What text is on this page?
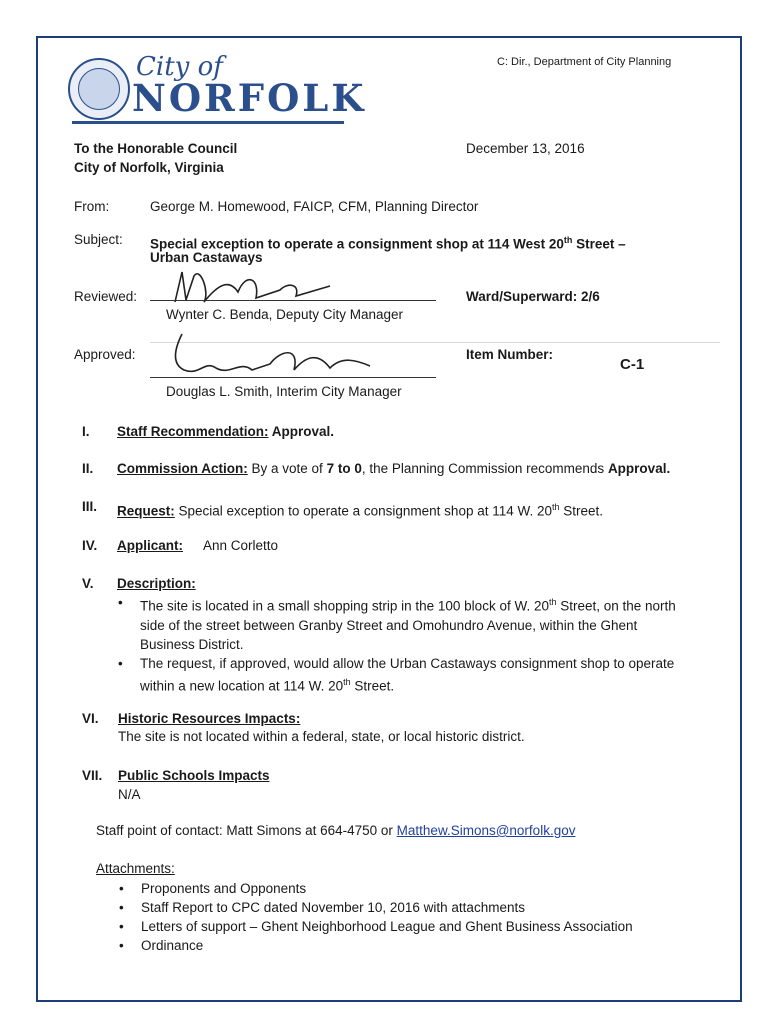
City of
NORFOLK
C: Dir., Department of City Planning
To the Honorable Council
City of Norfolk, Virginia
December 13, 2016
From:	George M. Homewood, FAICP, CFM, Planning Director
Subject: Special exception to operate a consignment shop at 114 West 20th Street –
Urban Castaways
Reviewed:
Wynter C. Benda, Deputy City Manager
Ward/Superward: 2/6
Approved:
Douglas L. Smith, Interim City Manager
Item Number:
C-1
I. Staff Recommendation: Approval.
II. Commission Action: By a vote of 7 to 0, the Planning Commission recommends Approval.
III. Request: Special exception to operate a consignment shop at 114 W. 20th Street.
IV. Applicant: Ann Corletto
V. Description:
• The site is located in a small shopping strip in the 100 block of W. 20th Street, on the north side of the street between Granby Street and Omohundro Avenue, within the Ghent Business District.
• The request, if approved, would allow the Urban Castaways consignment shop to operate within a new location at 114 W. 20th Street.
VI. Historic Resources Impacts:
The site is not located within a federal, state, or local historic district.
VII. Public Schools Impacts
N/A
Staff point of contact: Matt Simons at 664-4750 or Matthew.Simons@norfolk.gov
Attachments:
• Proponents and Opponents
• Staff Report to CPC dated November 10, 2016 with attachments
• Letters of support – Ghent Neighborhood League and Ghent Business Association
• Ordinance
